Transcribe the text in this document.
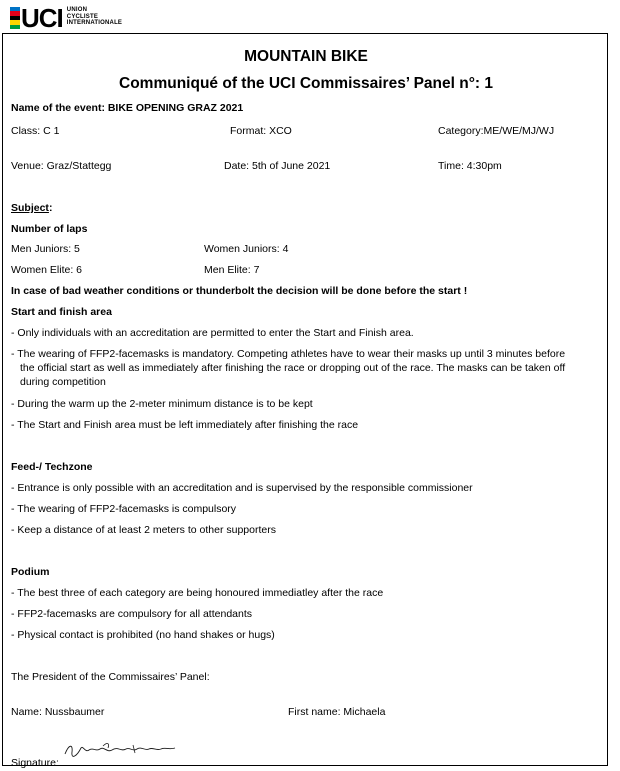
UCI UNION
CYCLISTE
INTERNATIONALE
MOUNTAIN BIKE
Communiqué of the UCI Commissaires’ Panel n°: 1
Name of the event: BIKE OPENING GRAZ 2021
Class: C 1	Format: XCO	Category:ME/WE/MJ/WJ
Venue: Graz/Stattegg	Date: 5th of June 2021	Time: 4:30pm
Subject:
Number of laps
Men Juniors: 5	Women Juniors: 4
Women Elite: 6	Men Elite: 7
In case of bad weather conditions or thunderbolt the decision will be done before the start !
Start and finish area
- Only individuals with an accreditation are permitted to enter the Start and Finish area.
- The wearing of FFP2-facemasks is mandatory. Competing athletes have to wear their masks up until 3 minutes before
the official start as well as immediately after finishing the race or dropping out of the race. The masks can be taken off
during competition
- During the warm up the 2-meter minimum distance is to be kept
- The Start and Finish area must be left immediately after finishing the race
Feed-/ Techzone
- Entrance is only possible with an accreditation and is supervised by the responsible commissioner
- The wearing of FFP2-facemasks is compulsory
- Keep a distance of at least 2 meters to other supporters
Podium
- The best three of each category are being honoured immediatley after the race
- FFP2-facemasks are compulsory for all attendants
- Physical contact is prohibited (no hand shakes or hugs)
The President of the Commissaires’ Panel:
Name: Nussbaumer	First name: Michaela
Signature:
